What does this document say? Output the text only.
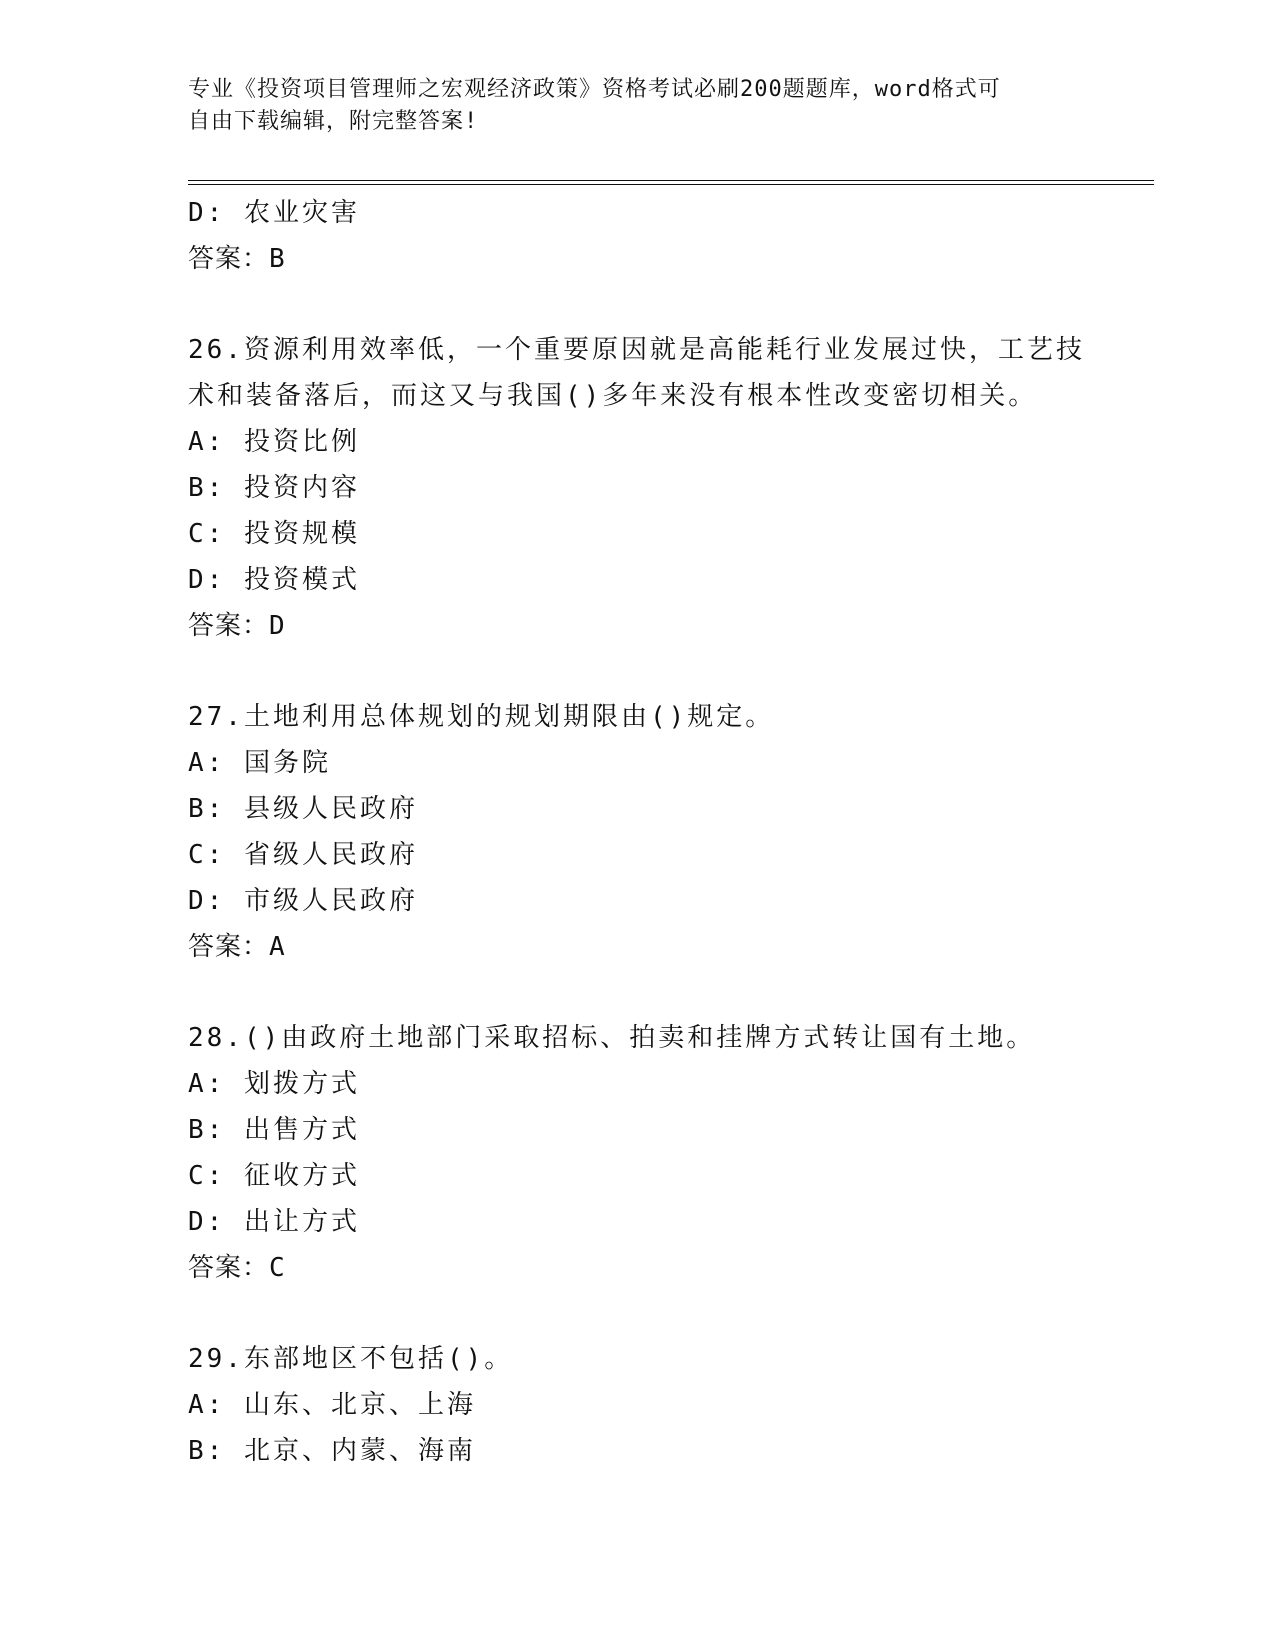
专业《投资项目管理师之宏观经济政策》资格考试必刷200题题库，word格式可
自由下载编辑，附完整答案!
D: 农业灾害
答案：B
26.资源利用效率低，一个重要原因就是高能耗行业发展过快，工艺技
术和装备落后，而这又与我国()多年来没有根本性改变密切相关。
A: 投资比例
B: 投资内容
C: 投资规模
D: 投资模式
答案：D
27.土地利用总体规划的规划期限由()规定。
A: 国务院
B: 县级人民政府
C: 省级人民政府
D: 市级人民政府
答案：A
28.()由政府土地部门采取招标、拍卖和挂牌方式转让国有土地。
A: 划拨方式
B: 出售方式
C: 征收方式
D: 出让方式
答案：C
29.东部地区不包括()。
A: 山东、北京、上海
B: 北京、内蒙、海南
